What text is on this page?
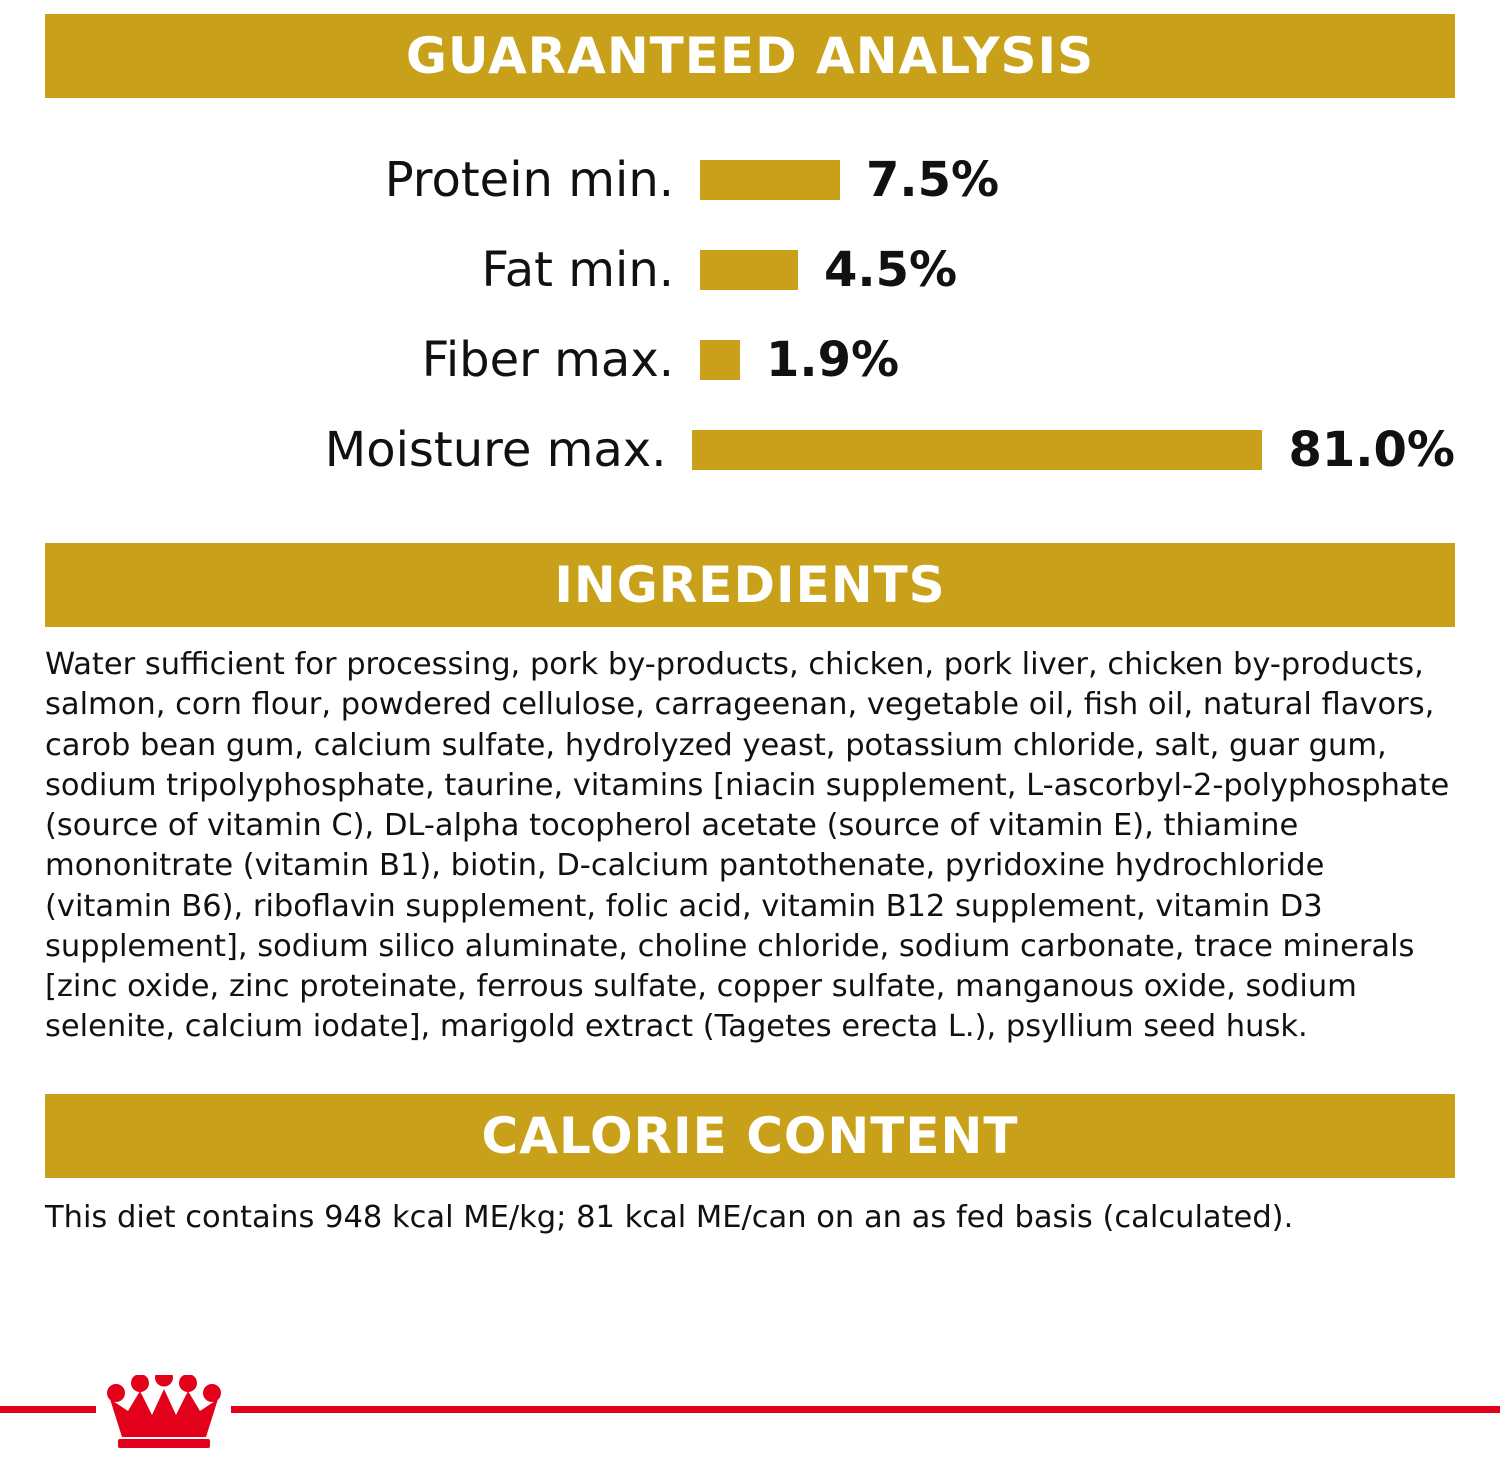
GUARANTEED ANALYSIS
Protein min.	7.5%
Fat min.	4.5%
Fiber max.	1.9%
Moisture max.	81.0%
INGREDIENTS
Water sufficient for processing, pork by-products, chicken, pork liver, chicken by-products, salmon, corn flour, powdered cellulose, carrageenan, vegetable oil, fish oil, natural flavors, carob bean gum, calcium sulfate, hydrolyzed yeast, potassium chloride, salt, guar gum, sodium tripolyphosphate, taurine, vitamins [niacin supplement, L-ascorbyl-2-polyphosphate (source of vitamin C), DL-alpha tocopherol acetate (source of vitamin E), thiamine mononitrate (vitamin B1), biotin, D-calcium pantothenate, pyridoxine hydrochloride (vitamin B6), riboflavin supplement, folic acid, vitamin B12 supplement, vitamin D3 supplement], sodium silico aluminate, choline chloride, sodium carbonate, trace minerals [zinc oxide, zinc proteinate, ferrous sulfate, copper sulfate, manganous oxide, sodium selenite, calcium iodate], marigold extract (Tagetes erecta L.), psyllium seed husk.
CALORIE CONTENT
This diet contains 948 kcal ME/kg; 81 kcal ME/can on an as fed basis (calculated).
